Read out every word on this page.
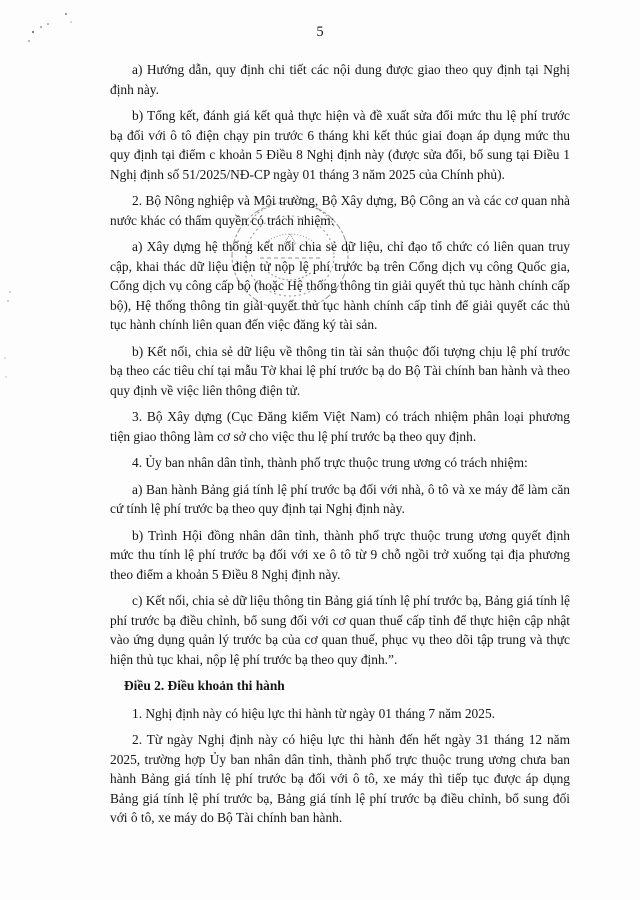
5

a) Hướng dẫn, quy định chi tiết các nội dung được giao theo quy định tại Nghị định này.

b) Tổng kết, đánh giá kết quả thực hiện và đề xuất sửa đổi mức thu lệ phí trước bạ đối với ô tô điện chạy pin trước 6 tháng khi kết thúc giai đoạn áp dụng mức thu quy định tại điểm c khoản 5 Điều 8 Nghị định này (được sửa đổi, bổ sung tại Điều 1 Nghị định số 51/2025/NĐ-CP ngày 01 tháng 3 năm 2025 của Chính phủ).

2. Bộ Nông nghiệp và Môi trường, Bộ Xây dựng, Bộ Công an và các cơ quan nhà nước khác có thẩm quyền có trách nhiệm:

a) Xây dựng hệ thống kết nối chia sẻ dữ liệu, chỉ đạo tổ chức có liên quan truy cập, khai thác dữ liệu điện tử nộp lệ phí trước bạ trên Cổng dịch vụ công Quốc gia, Cổng dịch vụ công cấp bộ (hoặc Hệ thống thông tin giải quyết thủ tục hành chính cấp bộ), Hệ thống thông tin giải quyết thủ tục hành chính cấp tỉnh để giải quyết các thủ tục hành chính liên quan đến việc đăng ký tài sản.

b) Kết nối, chia sẻ dữ liệu về thông tin tài sản thuộc đối tượng chịu lệ phí trước bạ theo các tiêu chí tại mẫu Tờ khai lệ phí trước bạ do Bộ Tài chính ban hành và theo quy định về việc liên thông điện tử.

3. Bộ Xây dựng (Cục Đăng kiểm Việt Nam) có trách nhiệm phân loại phương tiện giao thông làm cơ sở cho việc thu lệ phí trước bạ theo quy định.

4. Ủy ban nhân dân tỉnh, thành phố trực thuộc trung ương có trách nhiệm:

a) Ban hành Bảng giá tính lệ phí trước bạ đối với nhà, ô tô và xe máy để làm căn cứ tính lệ phí trước bạ theo quy định tại Nghị định này.

b) Trình Hội đồng nhân dân tỉnh, thành phố trực thuộc trung ương quyết định mức thu tính lệ phí trước bạ đối với xe ô tô từ 9 chỗ ngồi trở xuống tại địa phương theo điểm a khoản 5 Điều 8 Nghị định này.

c) Kết nối, chia sẻ dữ liệu thông tin Bảng giá tính lệ phí trước bạ, Bảng giá tính lệ phí trước bạ điều chỉnh, bổ sung đối với cơ quan thuế cấp tỉnh để thực hiện cập nhật vào ứng dụng quản lý trước bạ của cơ quan thuế, phục vụ theo dõi tập trung và thực hiện thủ tục khai, nộp lệ phí trước bạ theo quy định.”.

Điều 2. Điều khoản thi hành

1. Nghị định này có hiệu lực thi hành từ ngày 01 tháng 7 năm 2025.

2. Từ ngày Nghị định này có hiệu lực thi hành đến hết ngày 31 tháng 12 năm 2025, trường hợp Ủy ban nhân dân tỉnh, thành phố trực thuộc trung ương chưa ban hành Bảng giá tính lệ phí trước bạ đối với ô tô, xe máy thì tiếp tục được áp dụng Bảng giá tính lệ phí trước bạ, Bảng giá tính lệ phí trước bạ điều chỉnh, bổ sung đối với ô tô, xe máy do Bộ Tài chính ban hành.
